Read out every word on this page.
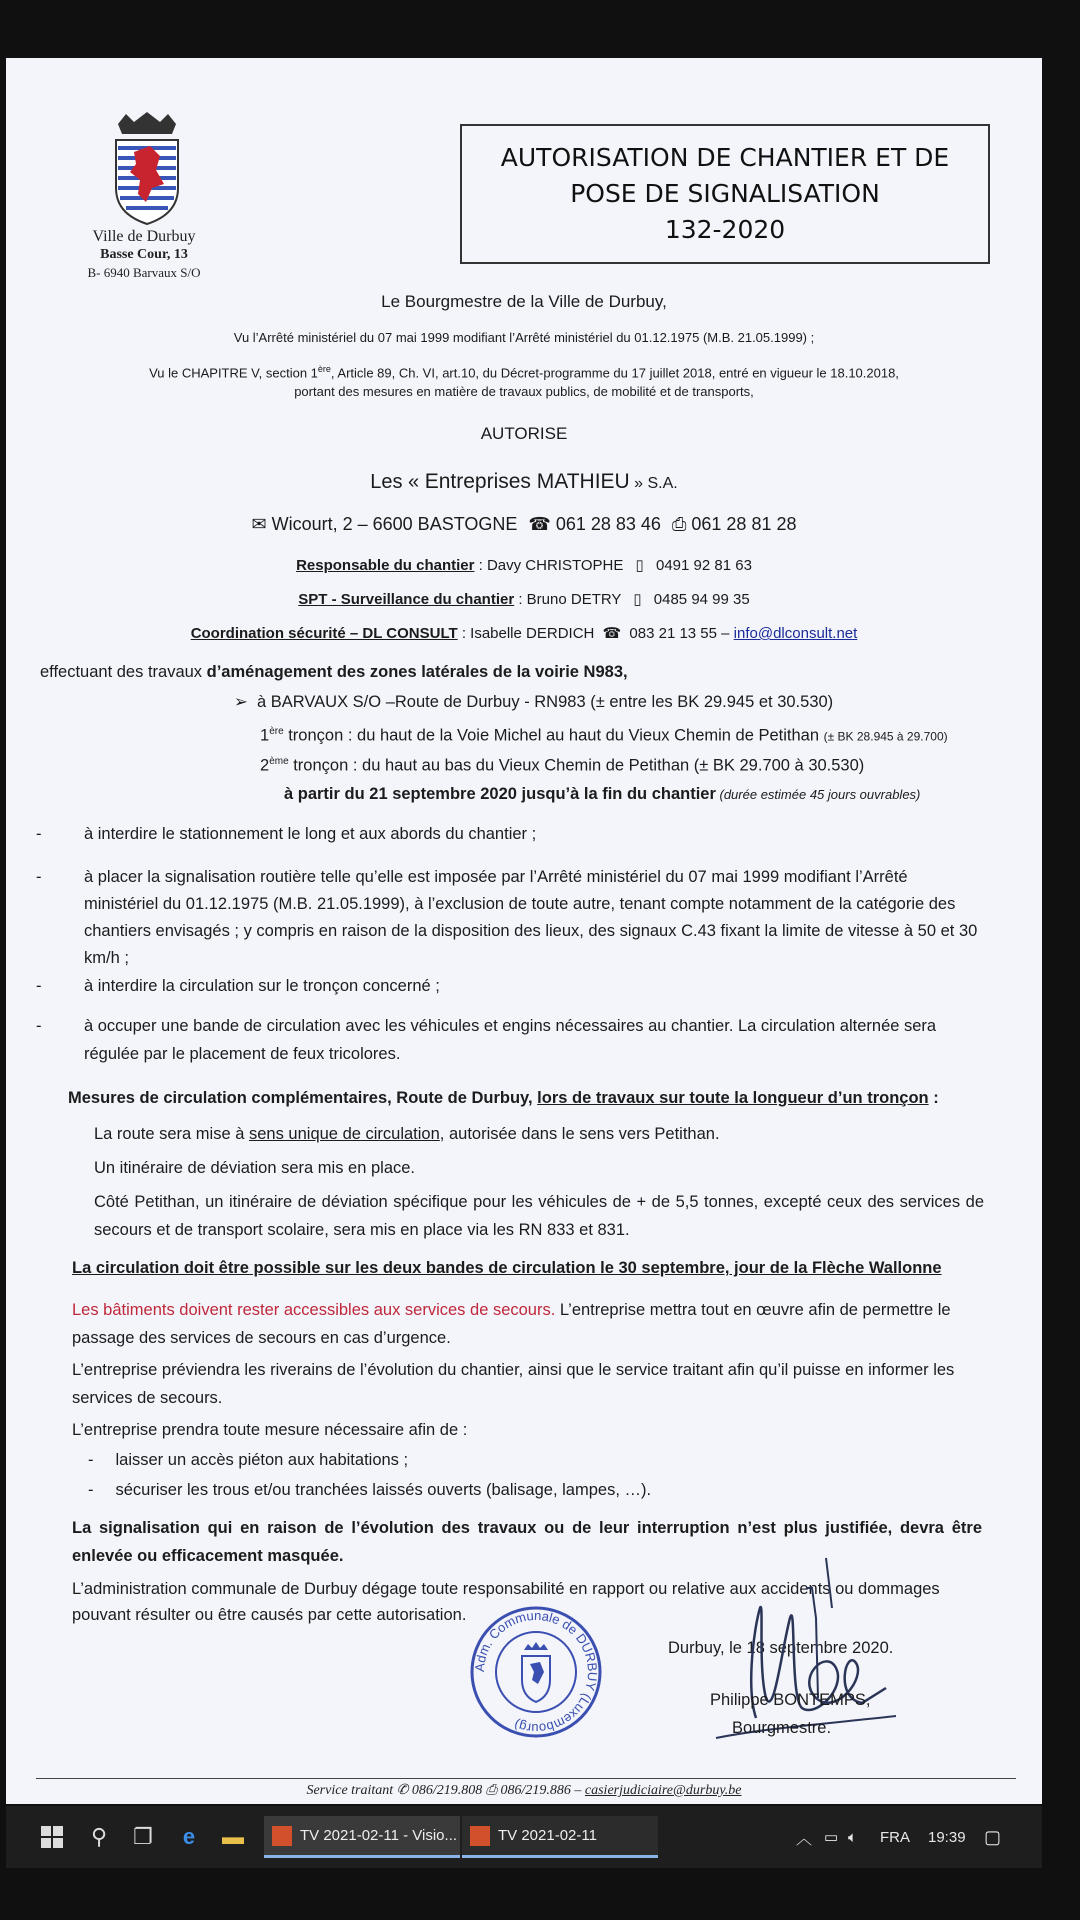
Ville de Durbuy
Basse Cour, 13
B- 6940 Barvaux S/O
AUTORISATION DE CHANTIER ET DE
POSE DE SIGNALISATION
132-2020
Le Bourgmestre de la Ville de Durbuy,
Vu l’Arrêté ministériel du 07 mai 1999 modifiant l’Arrêté ministériel du 01.12.1975 (M.B. 21.05.1999) ;
Vu le CHAPITRE V, section 1ère, Article 89, Ch. VI, art.10, du Décret-programme du 17 juillet 2018, entré en vigueur le 18.10.2018,
portant des mesures en matière de travaux publics, de mobilité et de transports,
AUTORISE
Les « Entreprises MATHIEU » S.A.
✉ Wicourt, 2 – 6600 BASTOGNE ☎ 061 28 83 46 ⎙ 061 28 81 28
Responsable du chantier : Davy CHRISTOPHE ▯ 0491 92 81 63
SPT - Surveillance du chantier : Bruno DETRY ▯ 0485 94 99 35
Coordination sécurité – DL CONSULT : Isabelle DERDICH ☎ 083 21 13 55 – info@dlconsult.net
effectuant des travaux d’aménagement des zones latérales de la voirie N983,
➢ à BARVAUX S/O –Route de Durbuy - RN983 (± entre les BK 29.945 et 30.530)
1ère tronçon : du haut de la Voie Michel au haut du Vieux Chemin de Petithan (± BK 28.945 à 29.700)
2ème tronçon : du haut au bas du Vieux Chemin de Petithan (± BK 29.700 à 30.530)
à partir du 21 septembre 2020 jusqu’à la fin du chantier (durée estimée 45 jours ouvrables)
-	à interdire le stationnement le long et aux abords du chantier ;
-	à placer la signalisation routière telle qu’elle est imposée par l’Arrêté ministériel du 07 mai 1999 modifiant l’Arrêté ministériel du 01.12.1975 (M.B. 21.05.1999), à l’exclusion de toute autre, tenant compte notamment de la catégorie des chantiers envisagés ; y compris en raison de la disposition des lieux, des signaux C.43 fixant la limite de vitesse à 50 et 30 km/h ;
-	à interdire la circulation sur le tronçon concerné ;
-	à occuper une bande de circulation avec les véhicules et engins nécessaires au chantier. La circulation alternée sera régulée par le placement de feux tricolores.
Mesures de circulation complémentaires, Route de Durbuy, lors de travaux sur toute la longueur d’un tronçon :
La route sera mise à sens unique de circulation, autorisée dans le sens vers Petithan.
Un itinéraire de déviation sera mis en place.
Côté Petithan, un itinéraire de déviation spécifique pour les véhicules de + de 5,5 tonnes, excepté ceux des services de secours et de transport scolaire, sera mis en place via les RN 833 et 831.
La circulation doit être possible sur les deux bandes de circulation le 30 septembre, jour de la Flèche Wallonne
Les bâtiments doivent rester accessibles aux services de secours. L’entreprise mettra tout en œuvre afin de permettre le passage des services de secours en cas d’urgence.
L’entreprise préviendra les riverains de l’évolution du chantier, ainsi que le service traitant afin qu’il puisse en informer les services de secours.
L’entreprise prendra toute mesure nécessaire afin de :
- laisser un accès piéton aux habitations ;
- sécuriser les trous et/ou tranchées laissés ouverts (balisage, lampes, …).
La signalisation qui en raison de l’évolution des travaux ou de leur interruption n’est plus justifiée, devra être enlevée ou efficacement masquée.
L’administration communale de Durbuy dégage toute responsabilité en rapport ou relative aux accidents ou dommages pouvant résulter ou être causés par cette autorisation.
Durbuy, le 18 septembre 2020.
Adm. Communale de DURBUY (Luxembourg)
Philippe BONTEMPS,
Bourgmestre.
Service traitant ✆ 086/219.808 ⎙ 086/219.886 – casierjudiciaire@durbuy.be
⚲ ❐	e	▬	TV 2021-02-11 - Visio...	TV 2021-02-11	︿ ▭ 🔈︎ FRA 19:39 ▢
